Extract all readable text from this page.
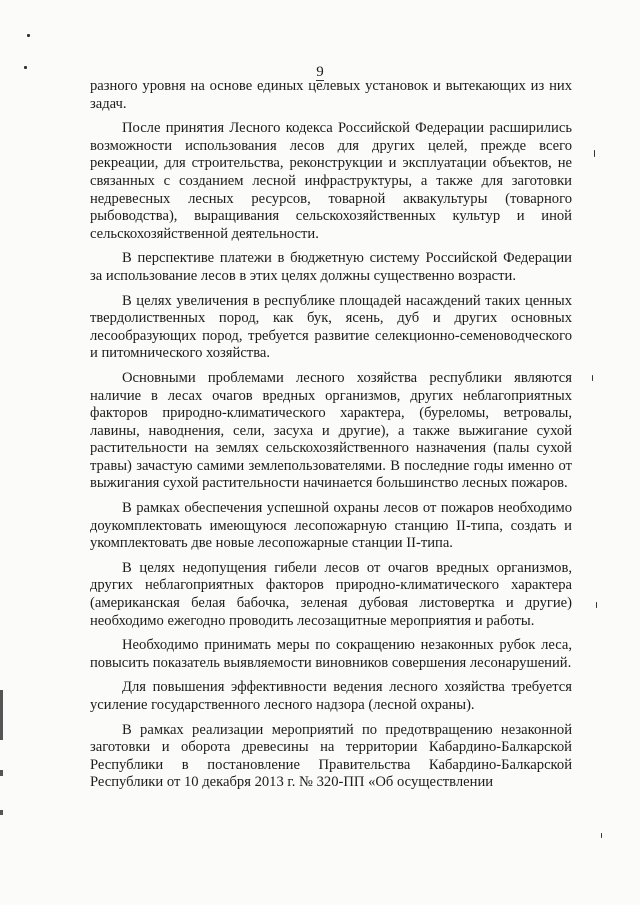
9

разного уровня на основе единых целевых установок и вытекающих из них задач.

После принятия Лесного кодекса Российской Федерации расширились возможности использования лесов для других целей, прежде всего рекреации, для строительства, реконструкции и эксплуатации объектов, не связанных с созданием лесной инфраструктуры, а также для заготовки недревесных лесных ресурсов, товарной аквакультуры (товарного рыбоводства), выращивания сельскохозяйственных культур и иной сельскохозяйственной деятельности.

В перспективе платежи в бюджетную систему Российской Федерации за использование лесов в этих целях должны существенно возрасти.

В целях увеличения в республике площадей насаждений таких ценных твердолиственных пород, как бук, ясень, дуб и других основных лесообразующих пород, требуется развитие селекционно-семеноводческого и питомнического хозяйства.

Основными проблемами лесного хозяйства республики являются наличие в лесах очагов вредных организмов, других неблагоприятных факторов природно-климатического характера, (буреломы, ветровалы, лавины, наводнения, сели, засуха и другие), а также выжигание сухой растительности на землях сельскохозяйственного назначения (палы сухой травы) зачастую самими землепользователями. В последние годы именно от выжигания сухой растительности начинается большинство лесных пожаров.

В рамках обеспечения успешной охраны лесов от пожаров необходимо доукомплектовать имеющуюся лесопожарную станцию II-типа, создать и укомплектовать две новые лесопожарные станции II-типа.

В целях недопущения гибели лесов от очагов вредных организмов, других неблагоприятных факторов природно-климатического характера (американская белая бабочка, зеленая дубовая листовертка и другие) необходимо ежегодно проводить лесозащитные мероприятия и работы.

Необходимо принимать меры по сокращению незаконных рубок леса, повысить показатель выявляемости виновников совершения лесонарушений.

Для повышения эффективности ведения лесного хозяйства требуется усиление государственного лесного надзора (лесной охраны).

В рамках реализации мероприятий по предотвращению незаконной заготовки и оборота древесины на территории Кабардино-Балкарской Республики в постановление Правительства Кабардино-Балкарской Республики от 10 декабря 2013 г. № 320-ПП «Об осуществлении
